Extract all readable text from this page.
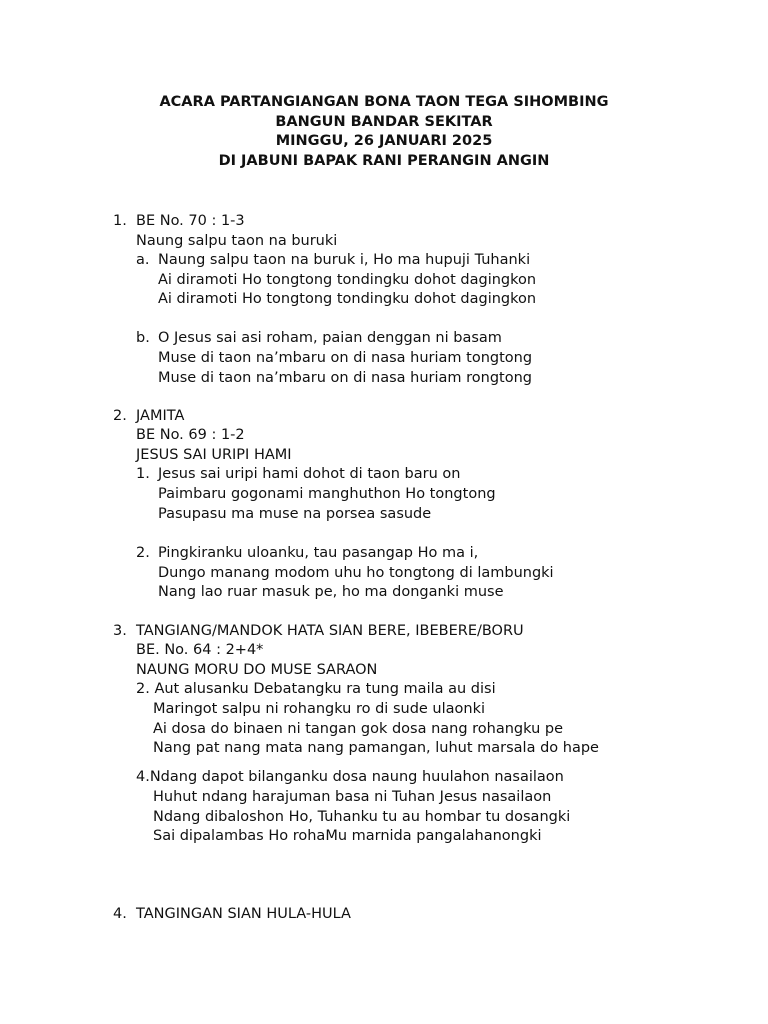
ACARA PARTANGIANGAN BONA TAON TEGA SIHOMBING
BANGUN BANDAR SEKITAR
MINGGU, 26 JANUARI 2025
DI JABUNI BAPAK RANI PERANGIN ANGIN
1. BE No. 70 : 1-3
Naung salpu taon na buruki
a. Naung salpu taon na buruk i, Ho ma hupuji Tuhanki
Ai diramoti Ho tongtong tondingku dohot dagingkon
Ai diramoti Ho tongtong tondingku dohot dagingkon
b. O Jesus sai asi roham, paian denggan ni basam
Muse di taon na’mbaru on di nasa huriam tongtong
Muse di taon na’mbaru on di nasa huriam rongtong
2. JAMITA
BE No. 69 : 1-2
JESUS SAI URIPI HAMI
1. Jesus sai uripi hami dohot di taon baru on
Paimbaru gogonami manghuthon Ho tongtong
Pasupasu ma muse na porsea sasude
2. Pingkiranku uloanku, tau pasangap Ho ma i,
Dungo manang modom uhu ho tongtong di lambungki
Nang lao ruar masuk pe, ho ma donganki muse
3. TANGIANG/MANDOK HATA SIAN BERE, IBEBERE/BORU
BE. No. 64 : 2+4*
NAUNG MORU DO MUSE SARAON
2. Aut alusanku Debatangku ra tung maila au disi
Maringot salpu ni rohangku ro di sude ulaonki
Ai dosa do binaen ni tangan gok dosa nang rohangku pe
Nang pat nang mata nang pamangan, luhut marsala do hape
4.Ndang dapot bilanganku dosa naung huulahon nasailaon
Huhut ndang harajuman basa ni Tuhan Jesus nasailaon
Ndang dibaloshon Ho, Tuhanku tu au hombar tu dosangki
Sai dipalambas Ho rohaMu marnida pangalahanongki
4. TANGINGAN SIAN HULA-HULA
